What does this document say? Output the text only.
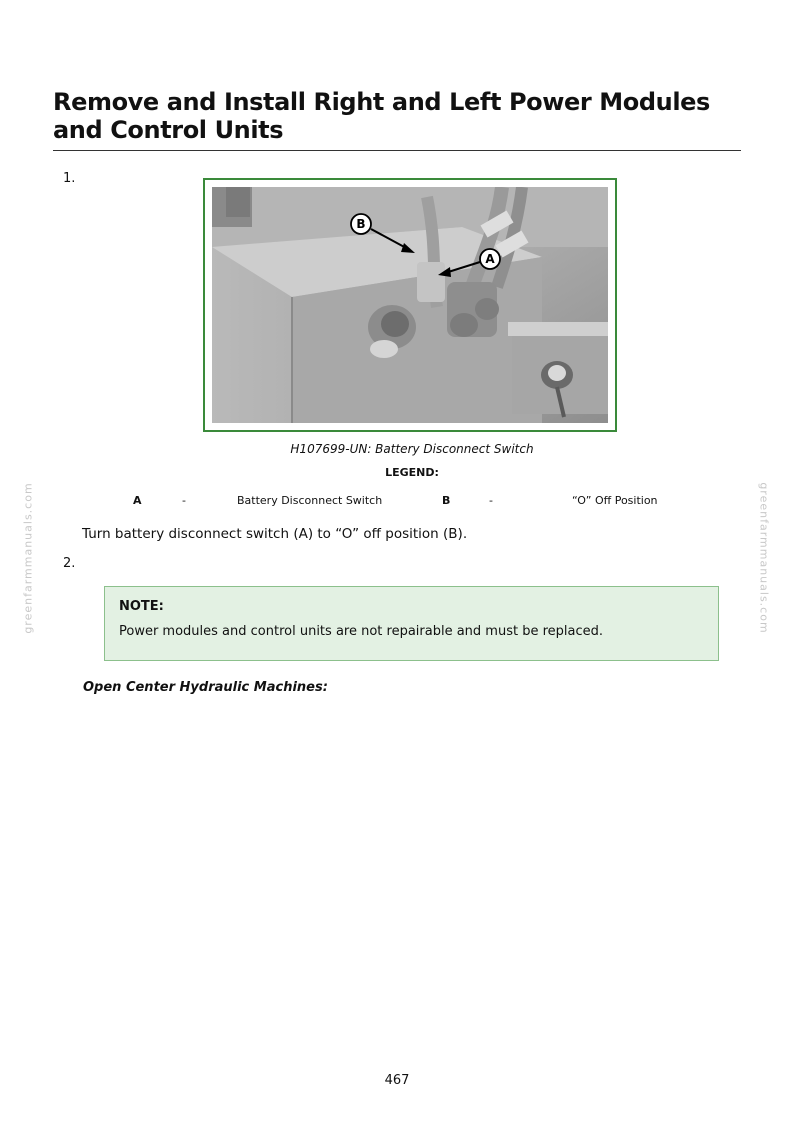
Remove and Install Right and Left Power Modules and Control Units
1.
B
A
H107699-UN: Battery Disconnect Switch
LEGEND:
A	-	Battery Disconnect Switch	B	-	“O” Off Position
Turn battery disconnect switch (A) to “O” off position (B).
2.
NOTE:
Power modules and control units are not repairable and must be replaced.
Open Center Hydraulic Machines:
467
greenfarmmanuals.com	greenfarmmanuals.com
